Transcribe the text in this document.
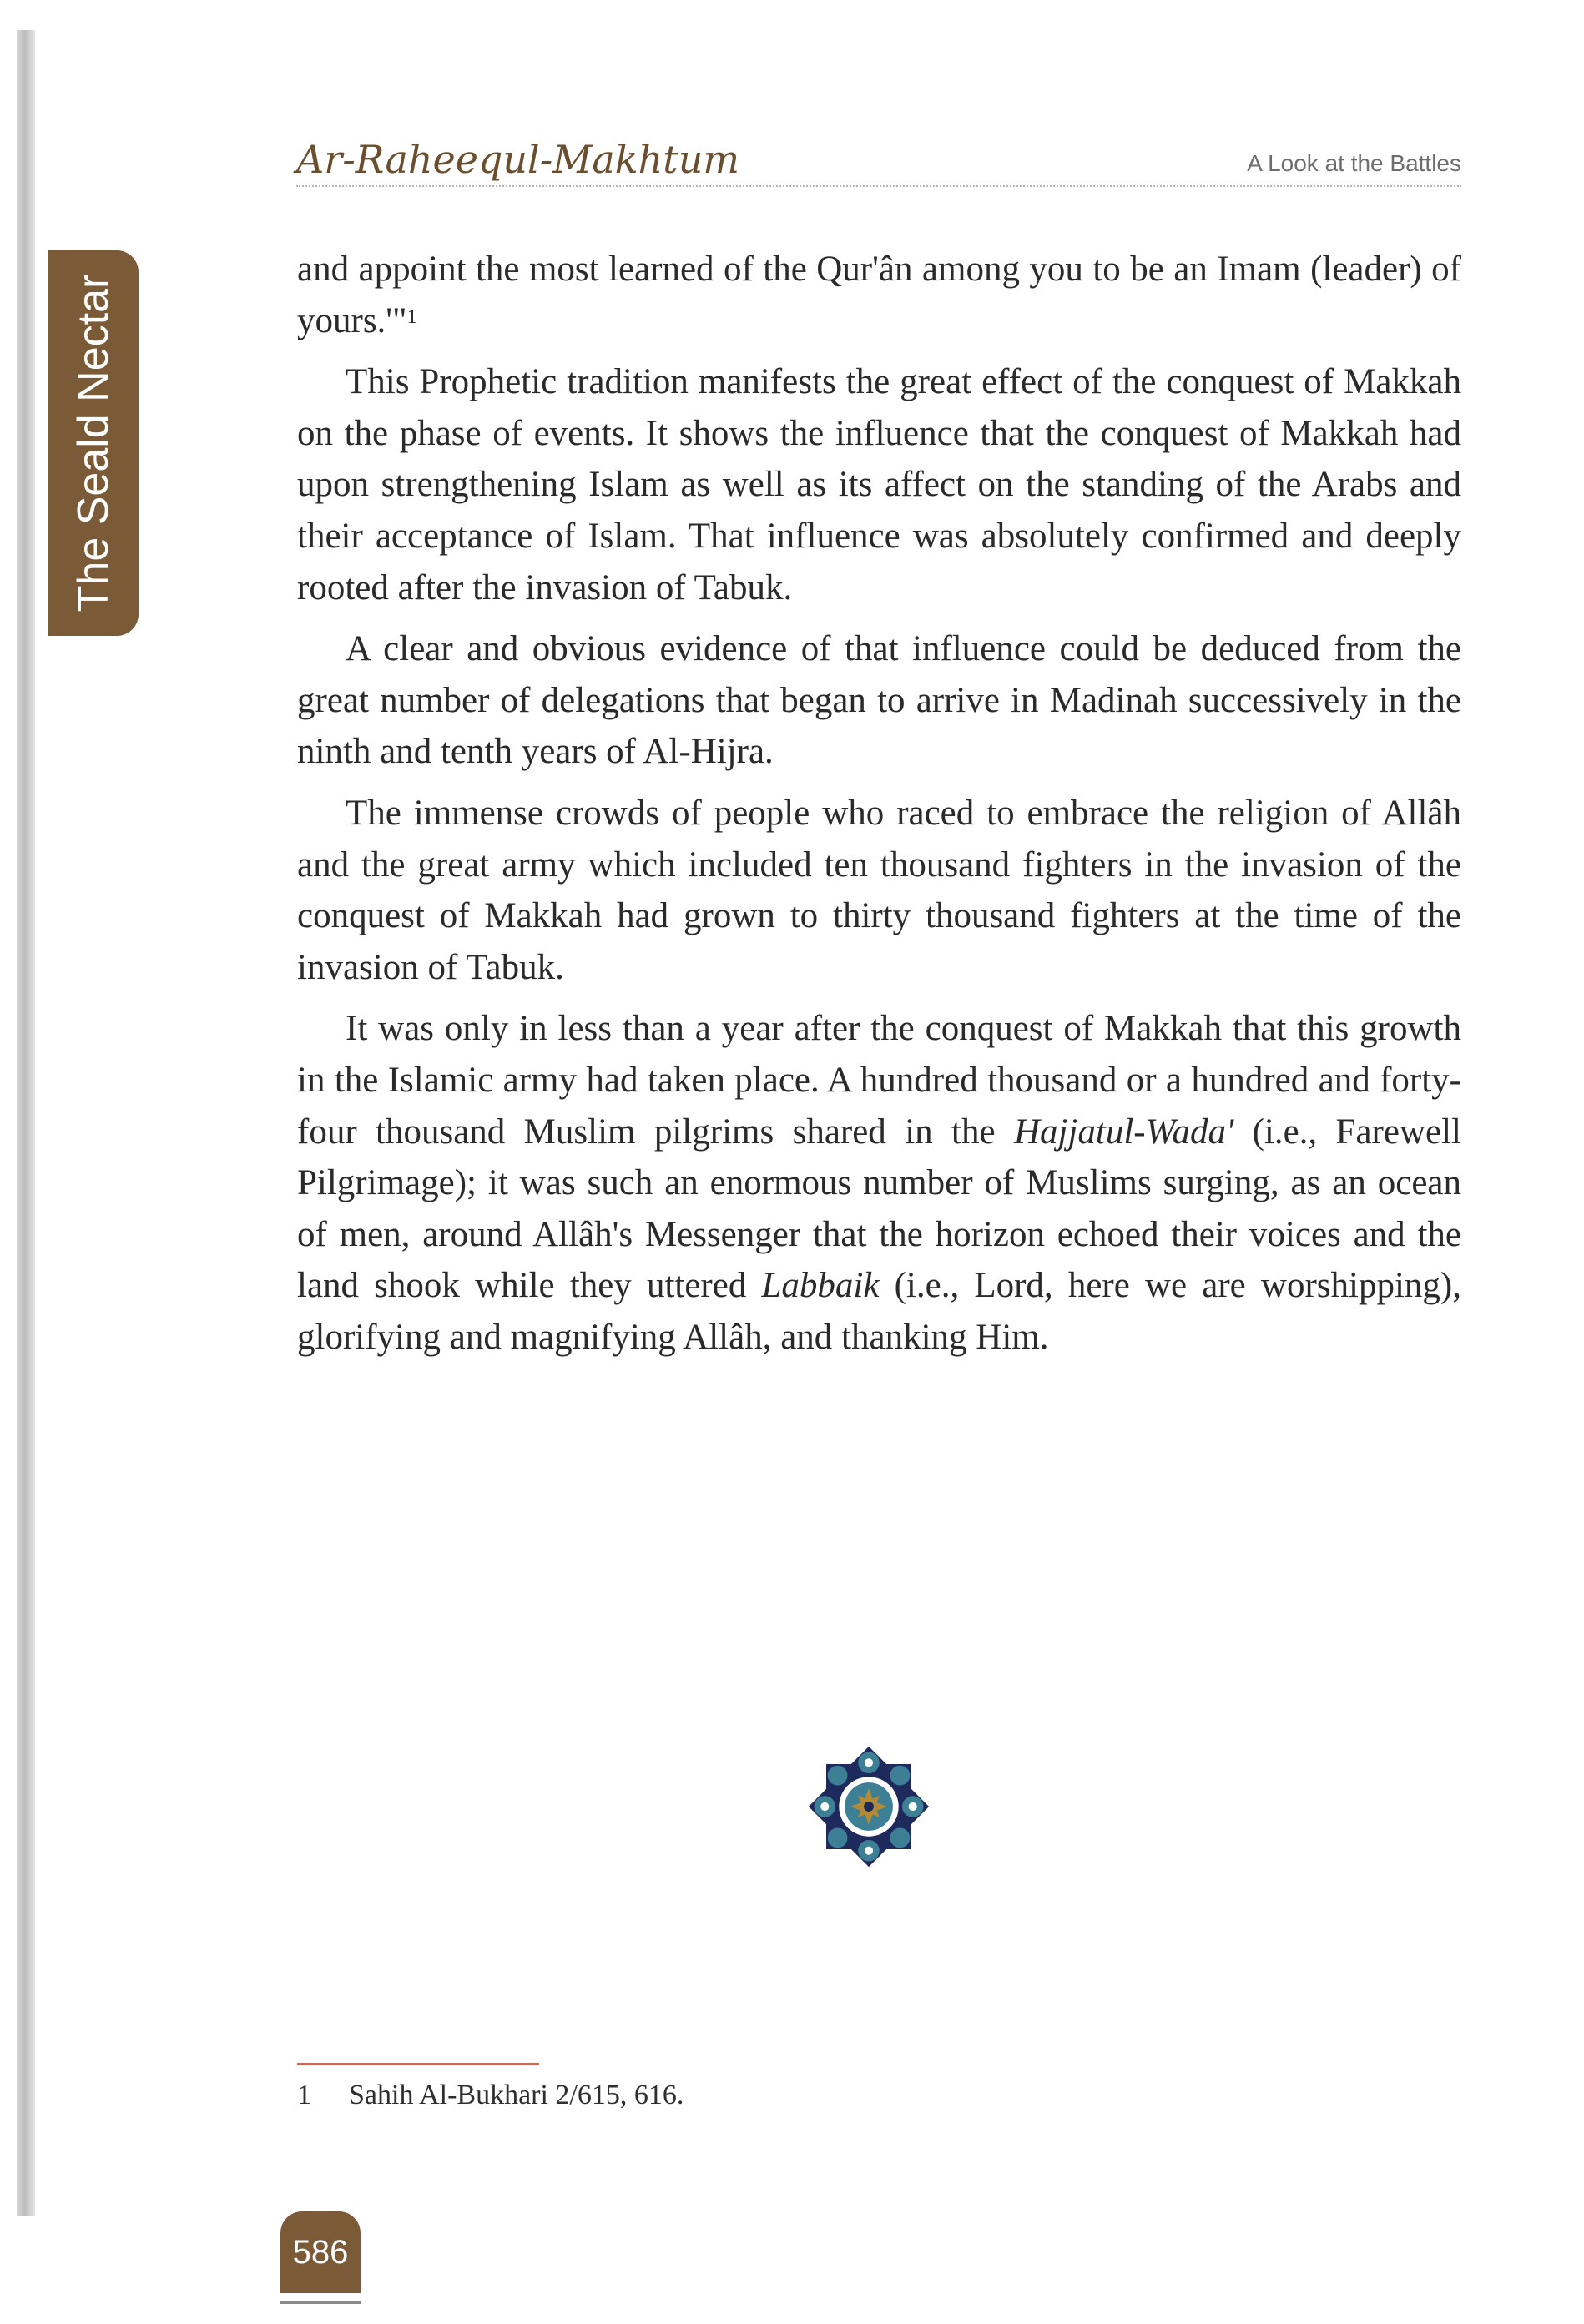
The Seald Nectar
Ar-Raheequl-Makhtum	A Look at the Battles

and appoint the most learned of the Qur'ân among you to be an Imam (leader) of yours.'"$^1$

This Prophetic tradition manifests the great effect of the conquest of Makkah on the phase of events. It shows the influence that the conquest of Makkah had upon strengthening Islam as well as its affect on the standing of the Arabs and their acceptance of Islam. That influence was absolutely confirmed and deeply rooted after the invasion of Tabuk.

A clear and obvious evidence of that influence could be deduced from the great number of delegations that began to arrive in Madinah successively in the ninth and tenth years of Al-Hijra.

The immense crowds of people who raced to embrace the religion of Allâh and the great army which included ten thousand fighters in the invasion of the conquest of Makkah had grown to thirty thousand fighters at the time of the invasion of Tabuk.

It was only in less than a year after the conquest of Makkah that this growth in the Islamic army had taken place. A hundred thousand or a hundred and forty-four thousand Muslim pilgrims shared in the Hajjatul-Wada' (i.e., Farewell Pilgrimage); it was such an enormous number of Muslims surging, as an ocean of men, around Allâh's Messenger that the horizon echoed their voices and the land shook while they uttered Labbaik (i.e., Lord, here we are worshipping), glorifying and magnifying Allâh, and thanking Him.

1 Sahih Al-Bukhari 2/615, 616.
586
